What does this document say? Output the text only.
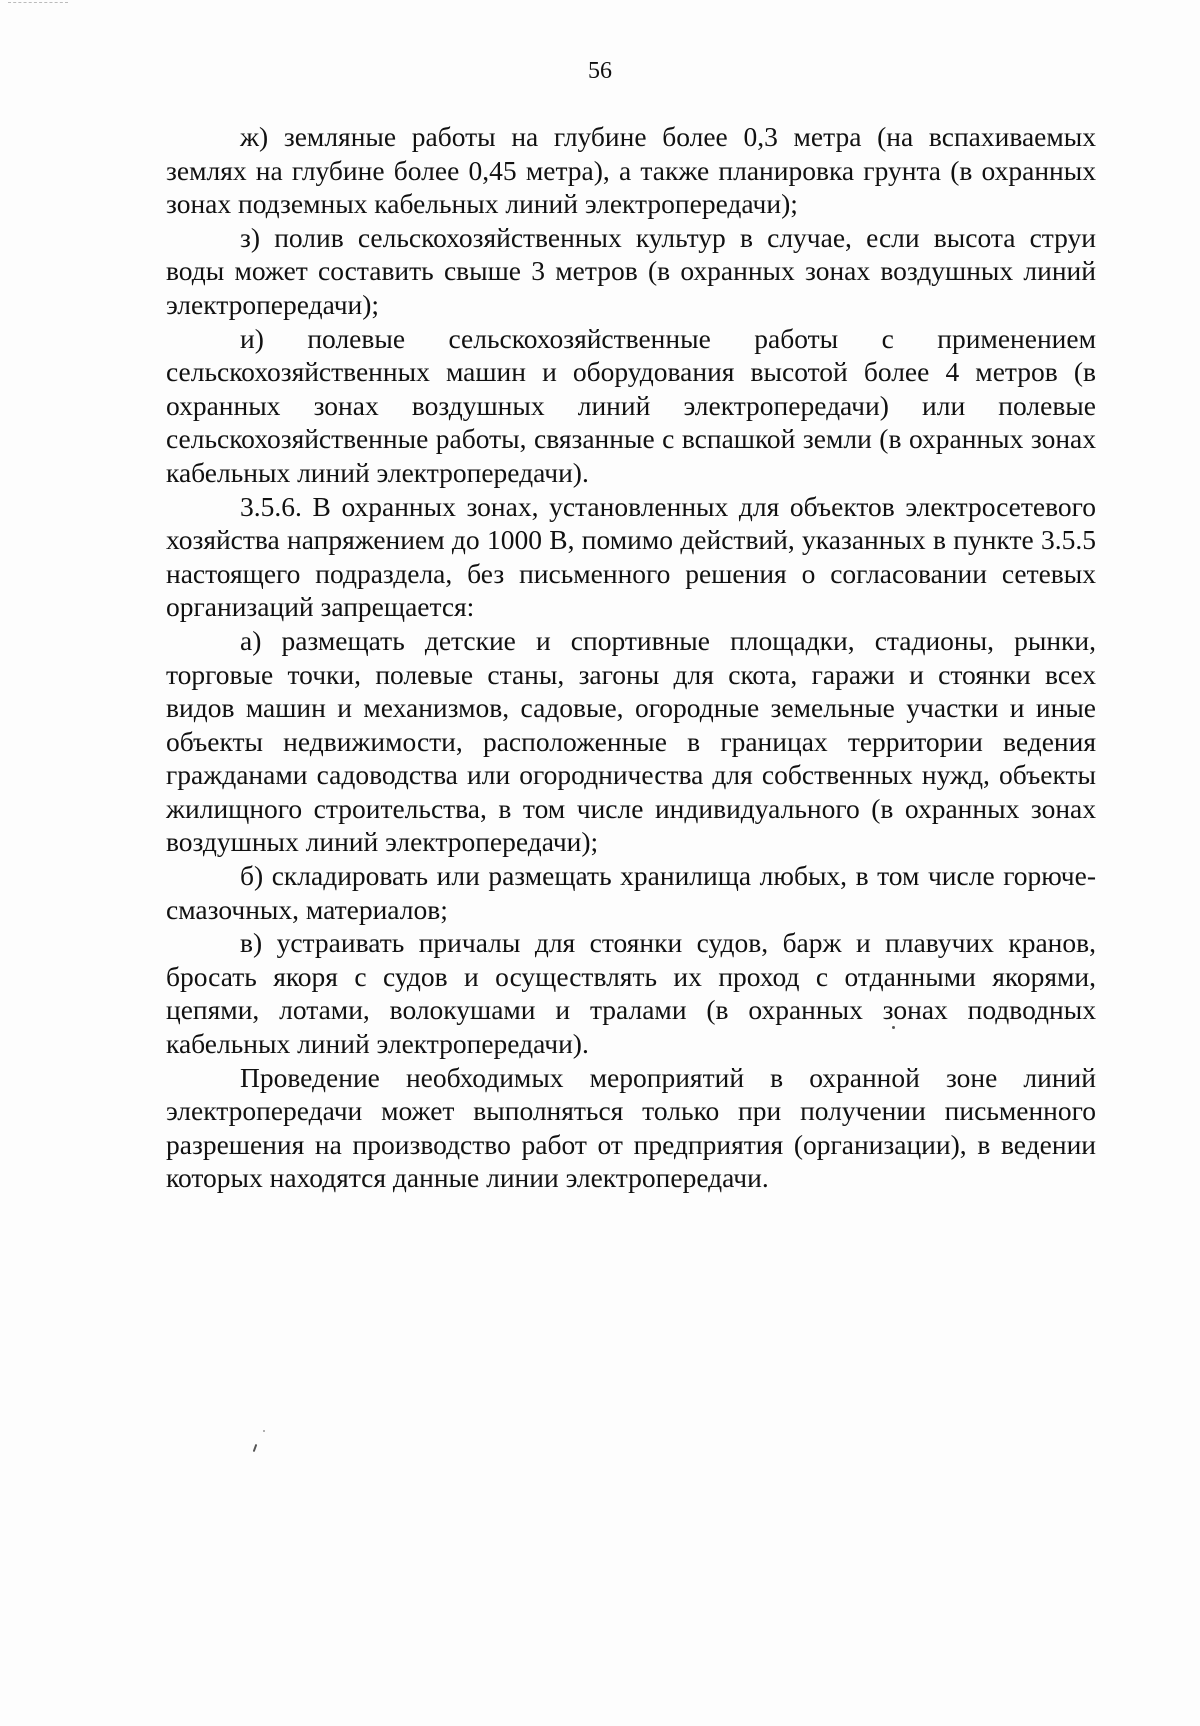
56

ж) земляные работы на глубине более 0,3 метра (на вспахиваемых землях на глубине более 0,45 метра), а также планировка грунта (в охранных зонах подземных кабельных линий электропередачи);

з) полив сельскохозяйственных культур в случае, если высота струи воды может составить свыше 3 метров (в охранных зонах воздушных линий электропередачи);

и) полевые сельскохозяйственные работы с применением сельскохозяйственных машин и оборудования высотой более 4 метров (в охранных зонах воздушных линий электропередачи) или полевые сельскохозяйственные работы, связанные с вспашкой земли (в охранных зонах кабельных линий электропередачи).

3.5.6. В охранных зонах, установленных для объектов электросетевого хозяйства напряжением до 1000 В, помимо действий, указанных в пункте 3.5.5 настоящего подраздела, без письменного решения о согласовании сетевых организаций запрещается:

а) размещать детские и спортивные площадки, стадионы, рынки, торговые точки, полевые станы, загоны для скота, гаражи и стоянки всех видов машин и механизмов, садовые, огородные земельные участки и иные объекты недвижимости, расположенные в границах территории ведения гражданами садоводства или огородничества для собственных нужд, объекты жилищного строительства, в том числе индивидуального (в охранных зонах воздушных линий электропередачи);

б) складировать или размещать хранилища любых, в том числе горюче-смазочных, материалов;

в) устраивать причалы для стоянки судов, барж и плавучих кранов, бросать якоря с судов и осуществлять их проход с отданными якорями, цепями, лотами, волокушами и тралами (в охранных зонах подводных кабельных линий электропередачи).

Проведение необходимых мероприятий в охранной зоне линий электропередачи может выполняться только при получении письменного разрешения на производство работ от предприятия (организации), в ведении которых находятся данные линии электропередачи.
